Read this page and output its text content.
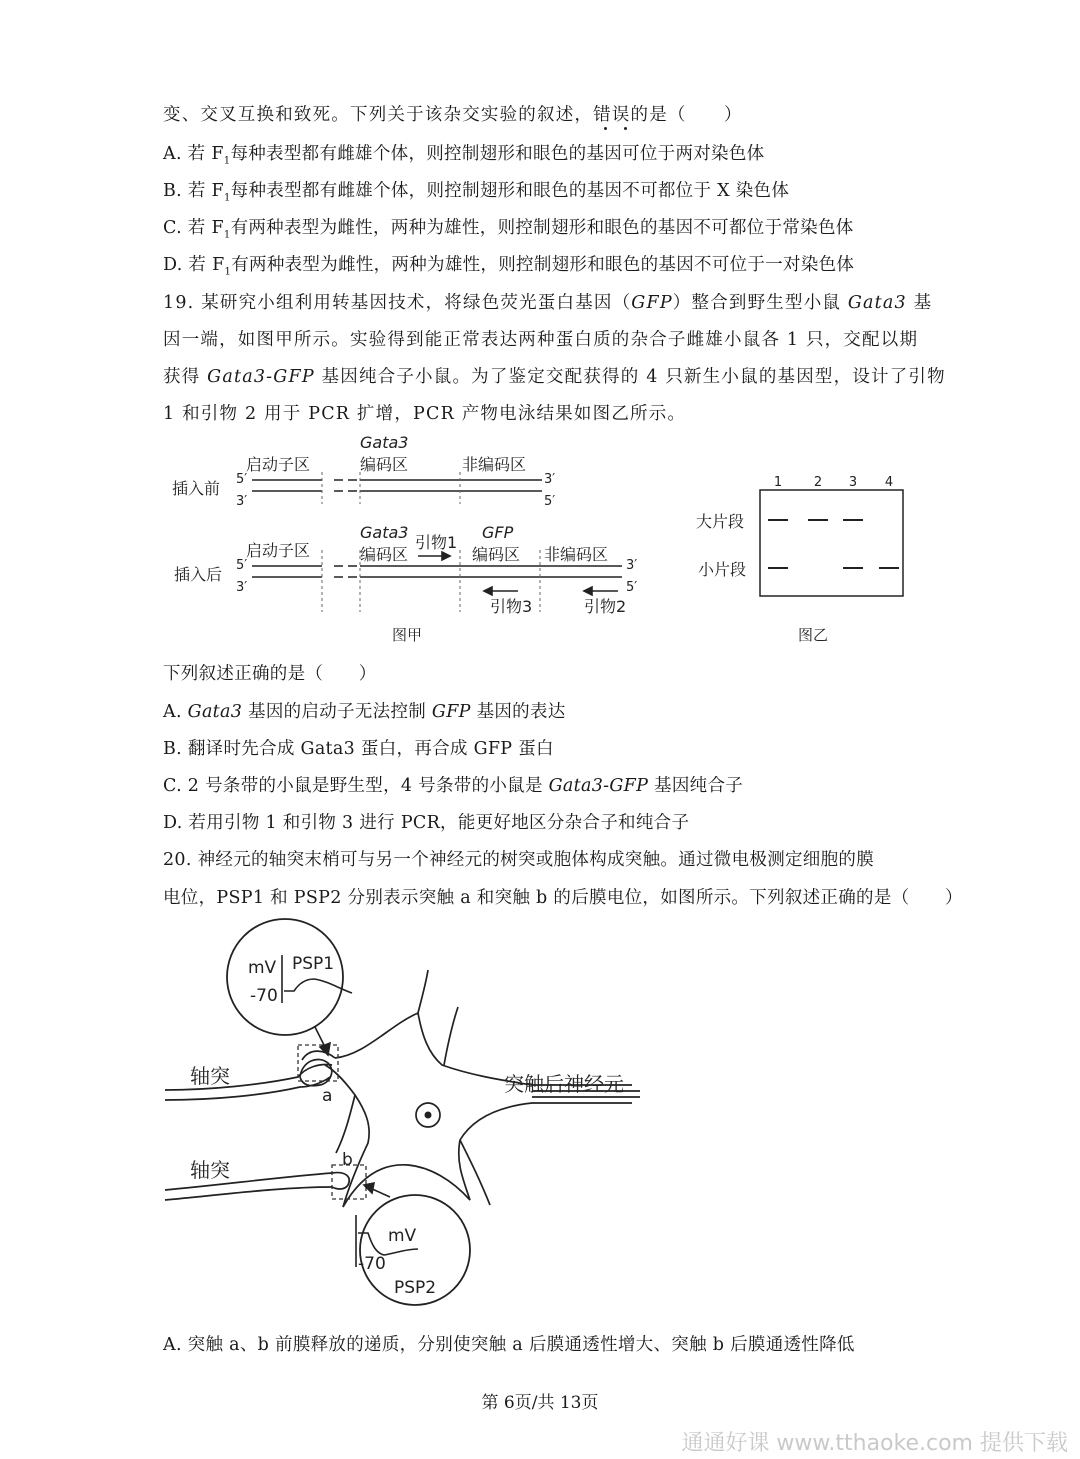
变、交叉互换和致死。下列关于该杂交实验的叙述，错误的是（　　）
A. 若 $F_1$每种表型都有雌雄个体，则控制翅形和眼色的基因可位于两对染色体
B. 若 $F_1$每种表型都有雌雄个体，则控制翅形和眼色的基因不可都位于 X 染色体
C. 若 $F_1$有两种表型为雌性，两种为雄性，则控制翅形和眼色的基因不可都位于常染色体
D. 若 $F_1$有两种表型为雌性，两种为雄性，则控制翅形和眼色的基因不可位于一对染色体
19. 某研究小组利用转基因技术，将绿色荧光蛋白基因（GFP）整合到野生型小鼠 Gata3 基
因一端，如图甲所示。实验得到能正常表达两种蛋白质的杂合子雌雄小鼠各 1 只，交配以期
获得 Gata3-GFP 基因纯合子小鼠。为了鉴定交配获得的 4 只新生小鼠的基因型，设计了引物
1 和引物 2 用于 PCR 扩增，PCR 产物电泳结果如图乙所示。
插入前
插入后
启动子区
启动子区
Gata3
编码区	非编码区
Gata3
编码区
引物1
GFP
编码区 非编码区
引物3	引物2
图甲
5′
3′
3′
5′
5′
3′
3′
5′
1 2 3 4
大片段
小片段
图乙
下列叙述正确的是（　　）
A. Gata3 基因的启动子无法控制 GFP 基因的表达
B. 翻译时先合成 Gata3 蛋白，再合成 GFP 蛋白
C. 2 号条带的小鼠是野生型，4 号条带的小鼠是 Gata3-GFP 基因纯合子
D. 若用引物 1 和引物 3 进行 PCR，能更好地区分杂合子和纯合子
20. 神经元的轴突末梢可与另一个神经元的树突或胞体构成突触。通过微电极测定细胞的膜
电位，PSP1 和 PSP2 分别表示突触 a 和突触 b 的后膜电位，如图所示。下列叙述正确的是（　　）
mV PSP1
-70
mV
-70
PSP2
a
b
轴突
轴突
突触后神经元
A. 突触 a、b 前膜释放的递质，分别使突触 a 后膜通透性增大、突触 b 后膜通透性降低
第 6页/共 13页
通通好课 www.tthaoke.com 提供下载
